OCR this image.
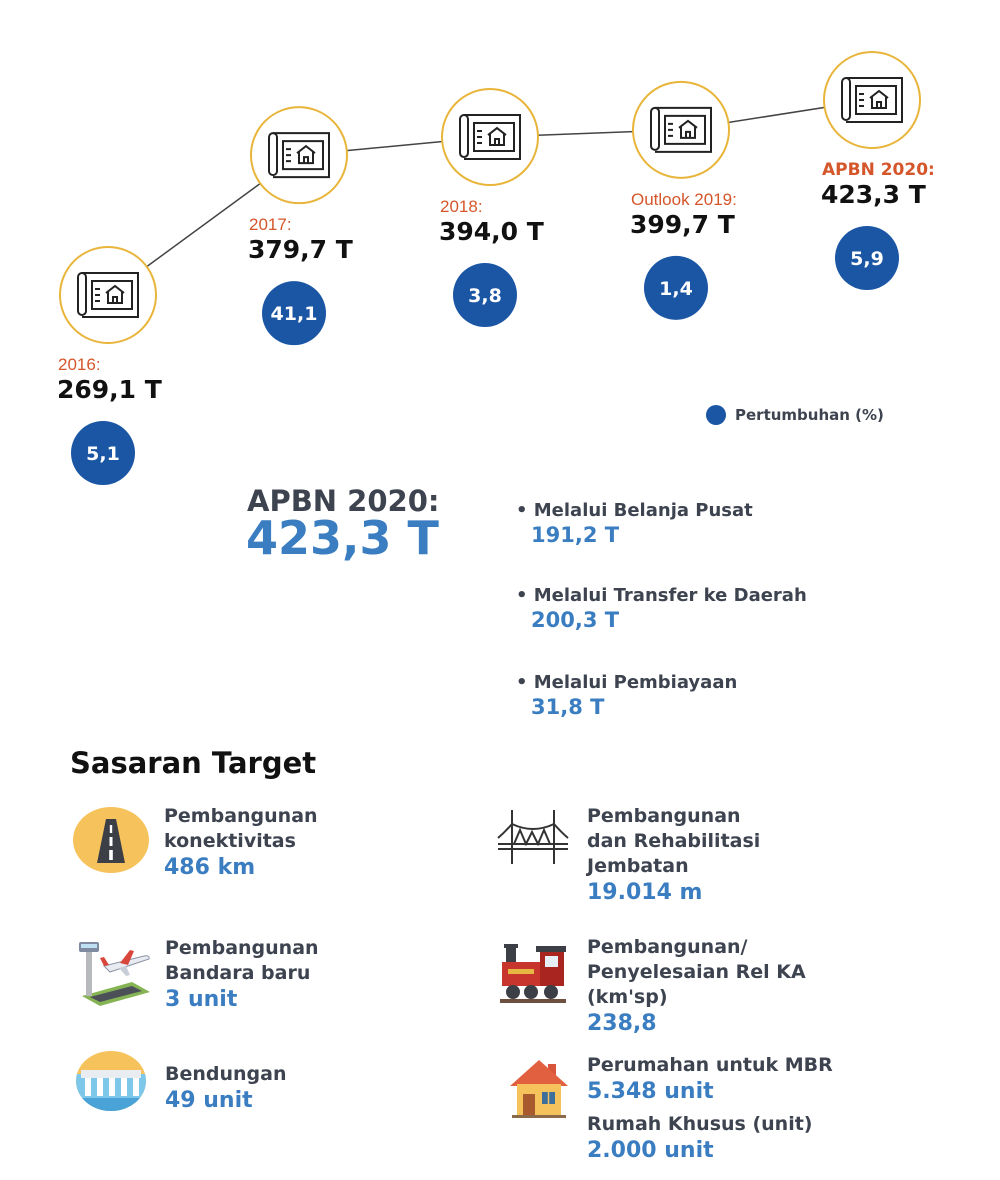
5,1
41,1
3,8	1,4
5,9
2016:
2017:
2018:	Outlook 2019:
APBN 2020:
269,1 T
379,7 T
394,0 T	399,7 T
423,3 T
Pertumbuhan (%)
APBN 2020:
423,3 T
• Melalui Belanja Pusat
191,2 T
• Melalui Transfer ke Daerah
200,3 T
• Melalui Pembiayaan
31,8 T
Sasaran Target
Pembangunan
konektivitas
486 km
Pembangunan
dan Rehabilitasi
Jembatan
19.014 m
Pembangunan
Bandara baru
3 unit
Pembangunan/
Penyelesaian Rel KA
(km'sp)
238,8
Bendungan
49 unit
Perumahan untuk MBR
5.348 unit
Rumah Khusus (unit)
2.000 unit
